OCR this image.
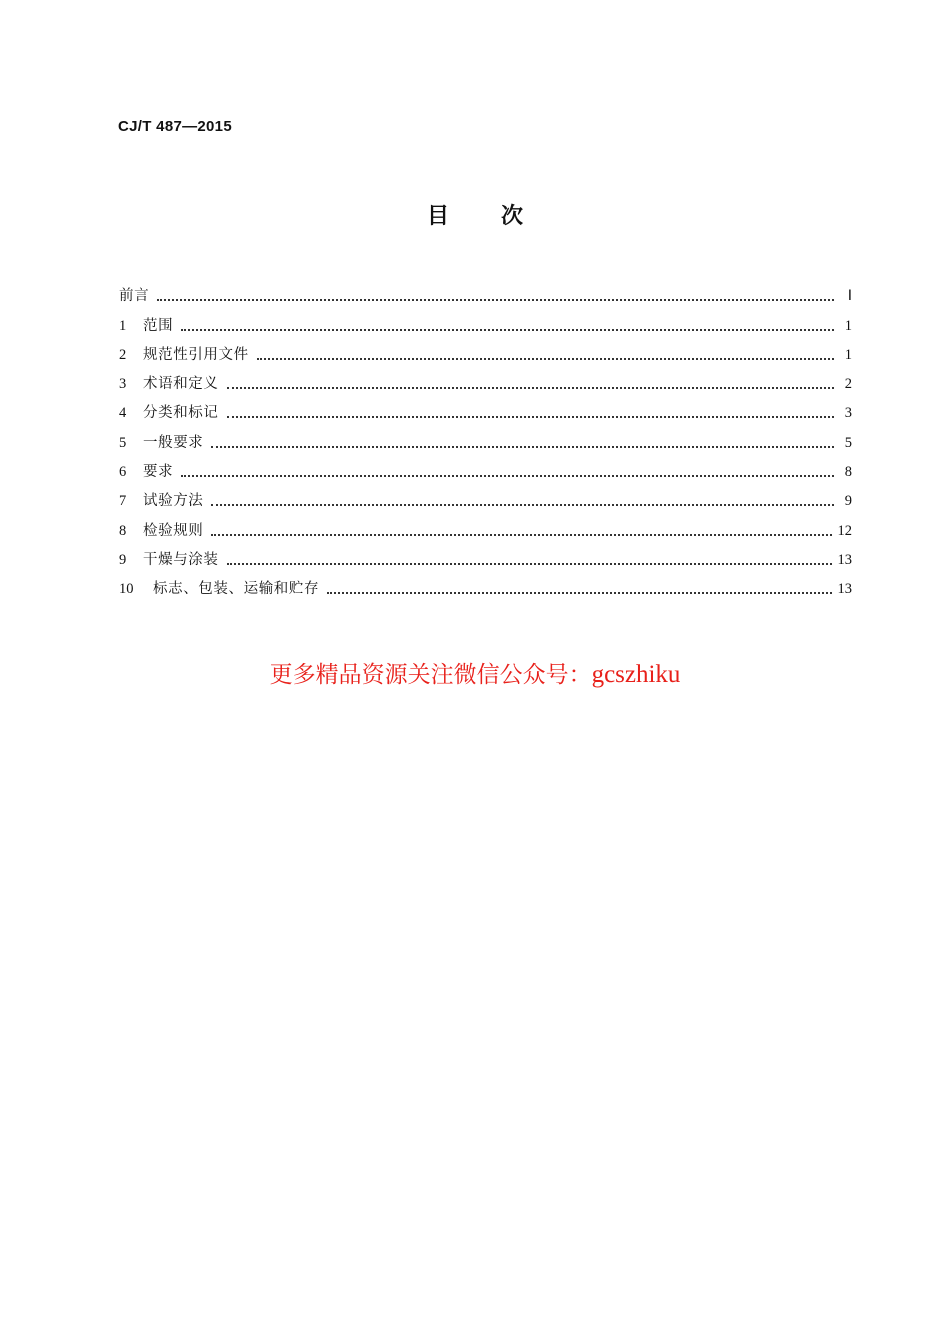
CJ/T 487—2015
目 次
前言	Ⅰ
1	范围	1
2	规范性引用文件	1
3	术语和定义	2
4	分类和标记	3
5	一般要求	5
6	要求	8
7	试验方法	9
8	检验规则	12
9	干燥与涂装	13
10	标志、包装、运输和贮存	13
更多精品资源关注微信公众号：gcszhiku
